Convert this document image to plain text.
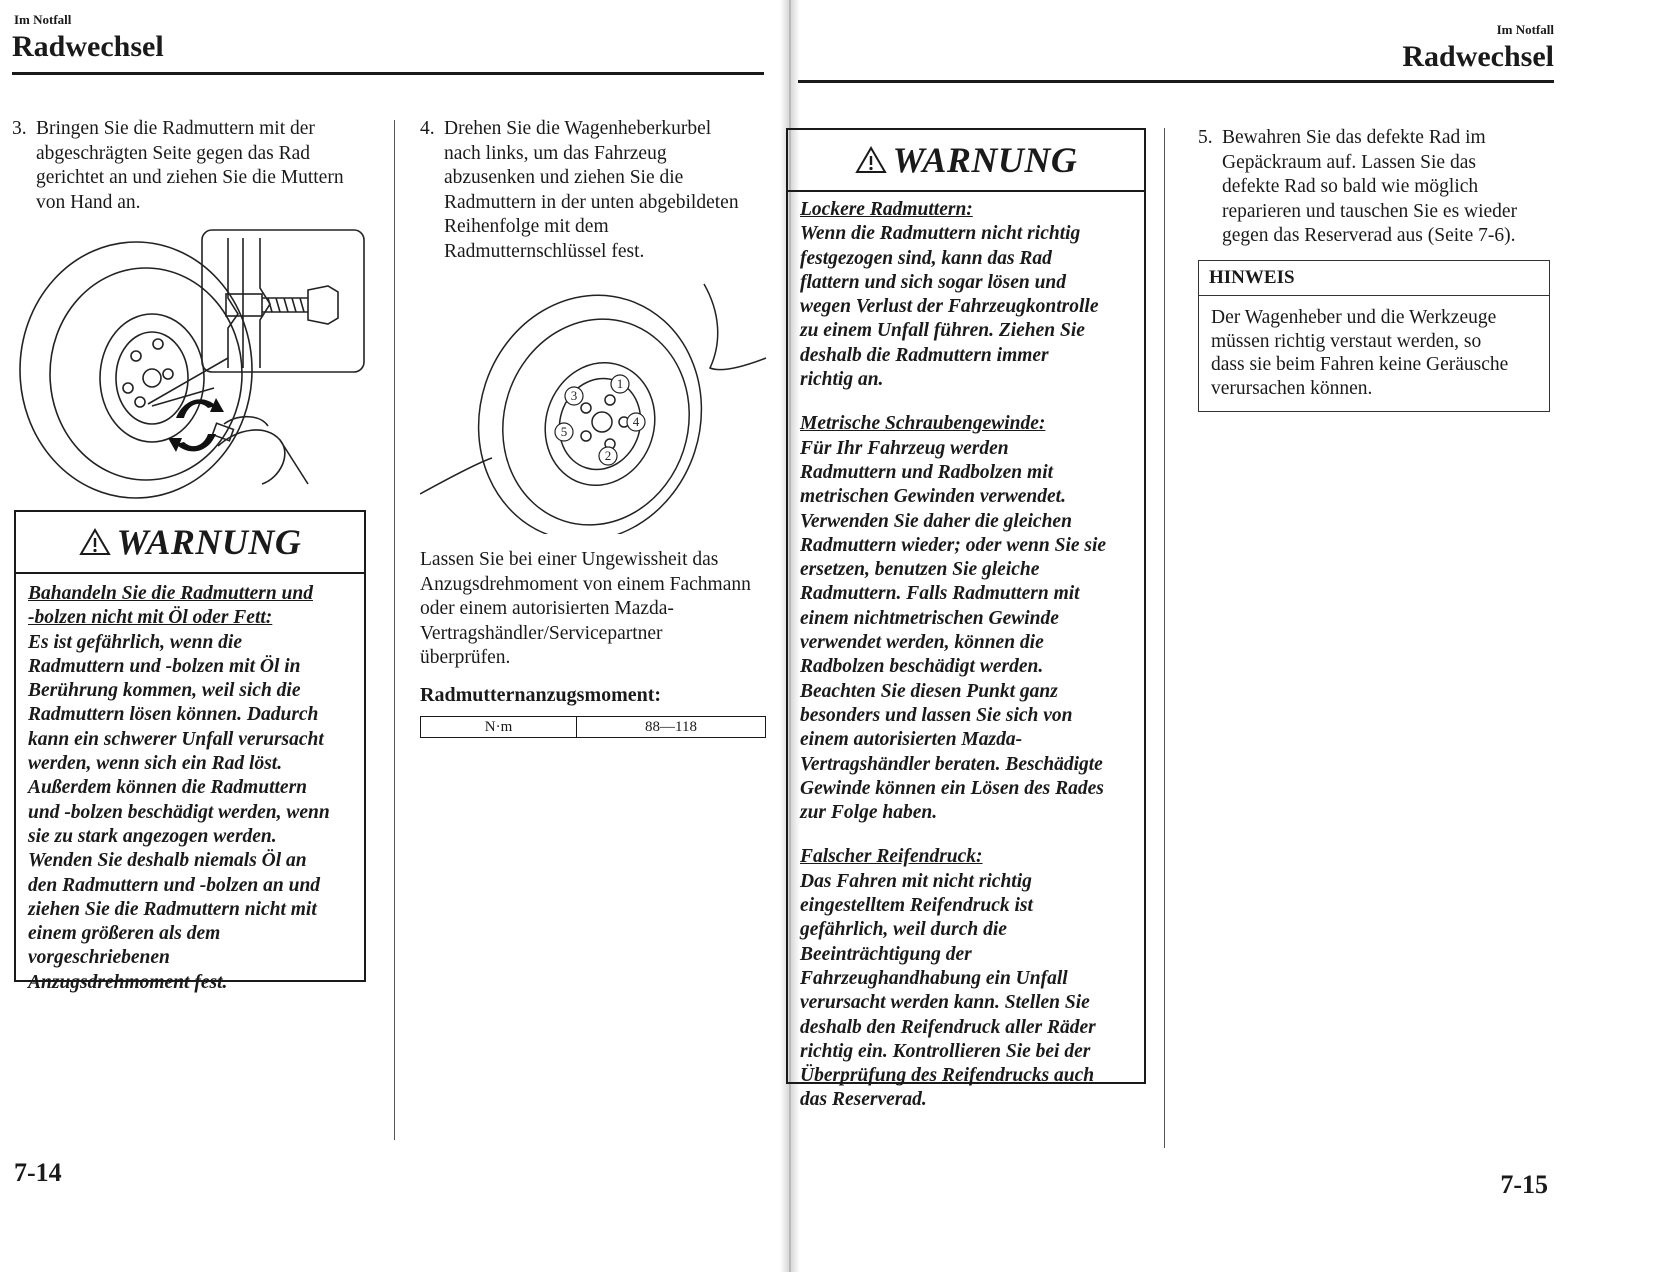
Im Notfall
Radwechsel

3. Bringen Sie die Radmuttern mit der
abgeschrägten Seite gegen das Rad
gerichtet an und ziehen Sie die Muttern
von Hand an.

WARNUNG
Bahandeln Sie die Radmuttern und
-bolzen nicht mit Öl oder Fett:
Es ist gefährlich, wenn die
Radmuttern und -bolzen mit Öl in
Berührung kommen, weil sich die
Radmuttern lösen können. Dadurch
kann ein schwerer Unfall verursacht
werden, wenn sich ein Rad löst.
Außerdem können die Radmuttern
und -bolzen beschädigt werden, wenn
sie zu stark angezogen werden.
Wenden Sie deshalb niemals Öl an
den Radmuttern und -bolzen an und
ziehen Sie die Radmuttern nicht mit
einem größeren als dem
vorgeschriebenen
Anzugsdrehmoment fest.

4. Drehen Sie die Wagenheberkurbel
nach links, um das Fahrzeug
abzusenken und ziehen Sie die
Radmuttern in der unten abgebildeten
Reihenfolge mit dem
Radmutternschlüssel fest.

1
2
3
4
5
Lassen Sie bei einer Ungewissheit das
Anzugsdrehmoment von einem Fachmann
oder einem autorisierten Mazda-
Vertragshändler/Servicepartner
überprüfen.
Radmutternanzugsmoment:
N·m	88—118
7-14
Im Notfall
Radwechsel
WARNUNG
Lockere Radmuttern:
Wenn die Radmuttern nicht richtig
festgezogen sind, kann das Rad
flattern und sich sogar lösen und
wegen Verlust der Fahrzeugkontrolle
zu einem Unfall führen. Ziehen Sie
deshalb die Radmuttern immer
richtig an.
Metrische Schraubengewinde:
Für Ihr Fahrzeug werden
Radmuttern und Radbolzen mit
metrischen Gewinden verwendet.
Verwenden Sie daher die gleichen
Radmuttern wieder; oder wenn Sie sie
ersetzen, benutzen Sie gleiche
Radmuttern. Falls Radmuttern mit
einem nichtmetrischen Gewinde
verwendet werden, können die
Radbolzen beschädigt werden.
Beachten Sie diesen Punkt ganz
besonders und lassen Sie sich von
einem autorisierten Mazda-
Vertragshändler beraten. Beschädigte
Gewinde können ein Lösen des Rades
zur Folge haben.
Falscher Reifendruck:
Das Fahren mit nicht richtig
eingestelltem Reifendruck ist
gefährlich, weil durch die
Beeinträchtigung der
Fahrzeughandhabung ein Unfall
verursacht werden kann. Stellen Sie
deshalb den Reifendruck aller Räder
richtig ein. Kontrollieren Sie bei der
Überprüfung des Reifendrucks auch
das Reserverad.

5. Bewahren Sie das defekte Rad im
Gepäckraum auf. Lassen Sie das
defekte Rad so bald wie möglich
reparieren und tauschen Sie es wieder
gegen das Reserverad aus (Seite 7-6).

HINWEIS
Der Wagenheber und die Werkzeuge
müssen richtig verstaut werden, so
dass sie beim Fahren keine Geräusche
verursachen können.
7-15
